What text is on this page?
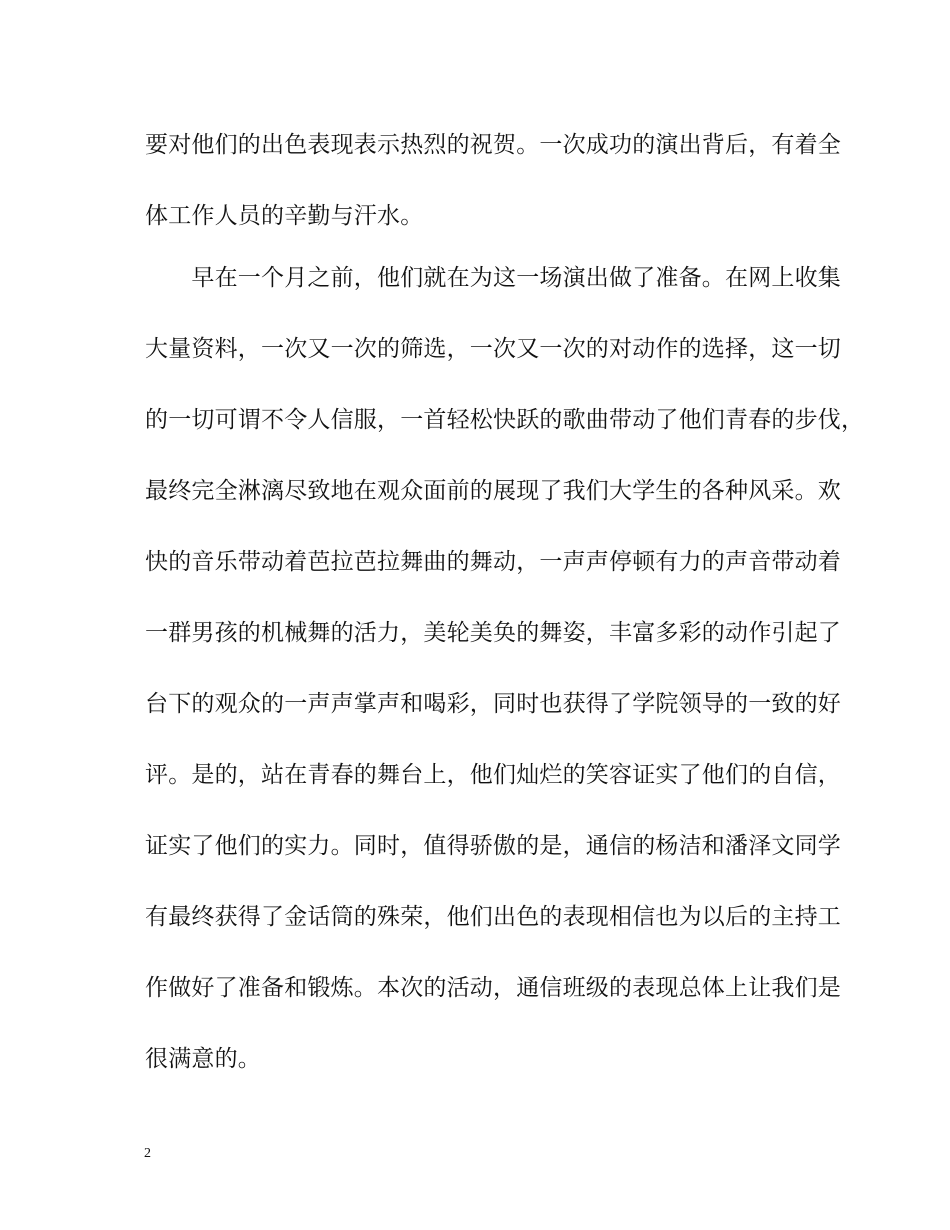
要对他们的出色表现表示热烈的祝贺。一次成功的演出背后，有着全
体工作人员的辛勤与汗水。
　　早在一个月之前，他们就在为这一场演出做了准备。在网上收集
大量资料，一次又一次的筛选，一次又一次的对动作的选择，这一切
的一切可谓不令人信服，一首轻松快跃的歌曲带动了他们青春的步伐，
最终完全淋漓尽致地在观众面前的展现了我们大学生的各种风采。欢
快的音乐带动着芭拉芭拉舞曲的舞动，一声声停顿有力的声音带动着
一群男孩的机械舞的活力，美轮美奂的舞姿，丰富多彩的动作引起了
台下的观众的一声声掌声和喝彩，同时也获得了学院领导的一致的好
评。是的，站在青春的舞台上，他们灿烂的笑容证实了他们的自信，
证实了他们的实力。同时，值得骄傲的是，通信的杨洁和潘泽文同学
有最终获得了金话筒的殊荣，他们出色的表现相信也为以后的主持工
作做好了准备和锻炼。本次的活动，通信班级的表现总体上让我们是
很满意的。
2
